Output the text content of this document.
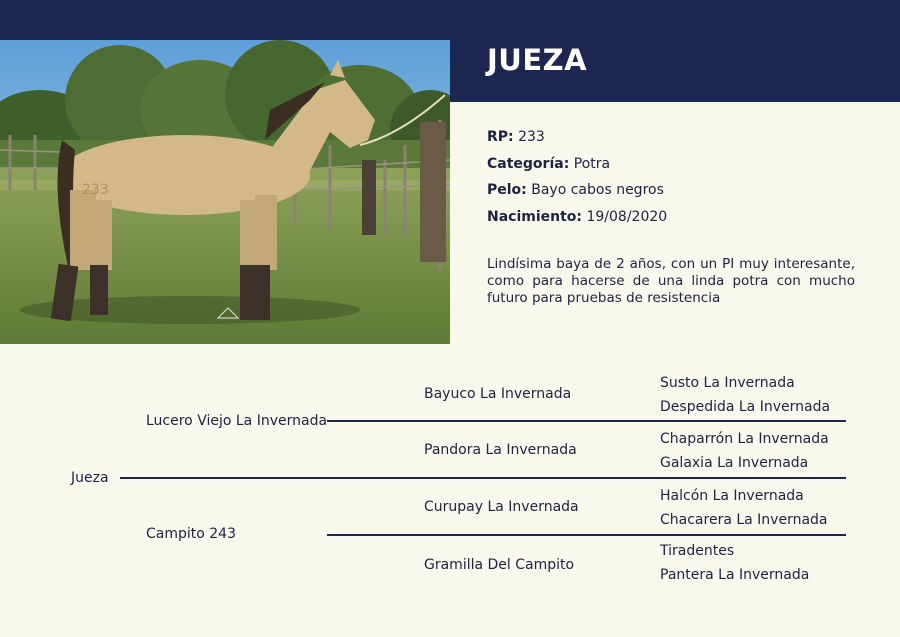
233
JUEZA
RP: 233
Categoría: Potra
Pelo: Bayo cabos negros
Nacimiento: 19/08/2020
Lindísima baya de 2 años, con un PI muy interesante, como para hacerse de una linda potra con mucho futuro para pruebas de resistencia
Jueza
Lucero Viejo La Invernada
Campito 243
Bayuco La Invernada
Pandora La Invernada
Curupay La Invernada
Gramilla Del Campito
Susto La Invernada
Despedida La Invernada
Chaparrón La Invernada
Galaxia La Invernada
Halcón La Invernada
Chacarera La Invernada
Tiradentes
Pantera La Invernada
